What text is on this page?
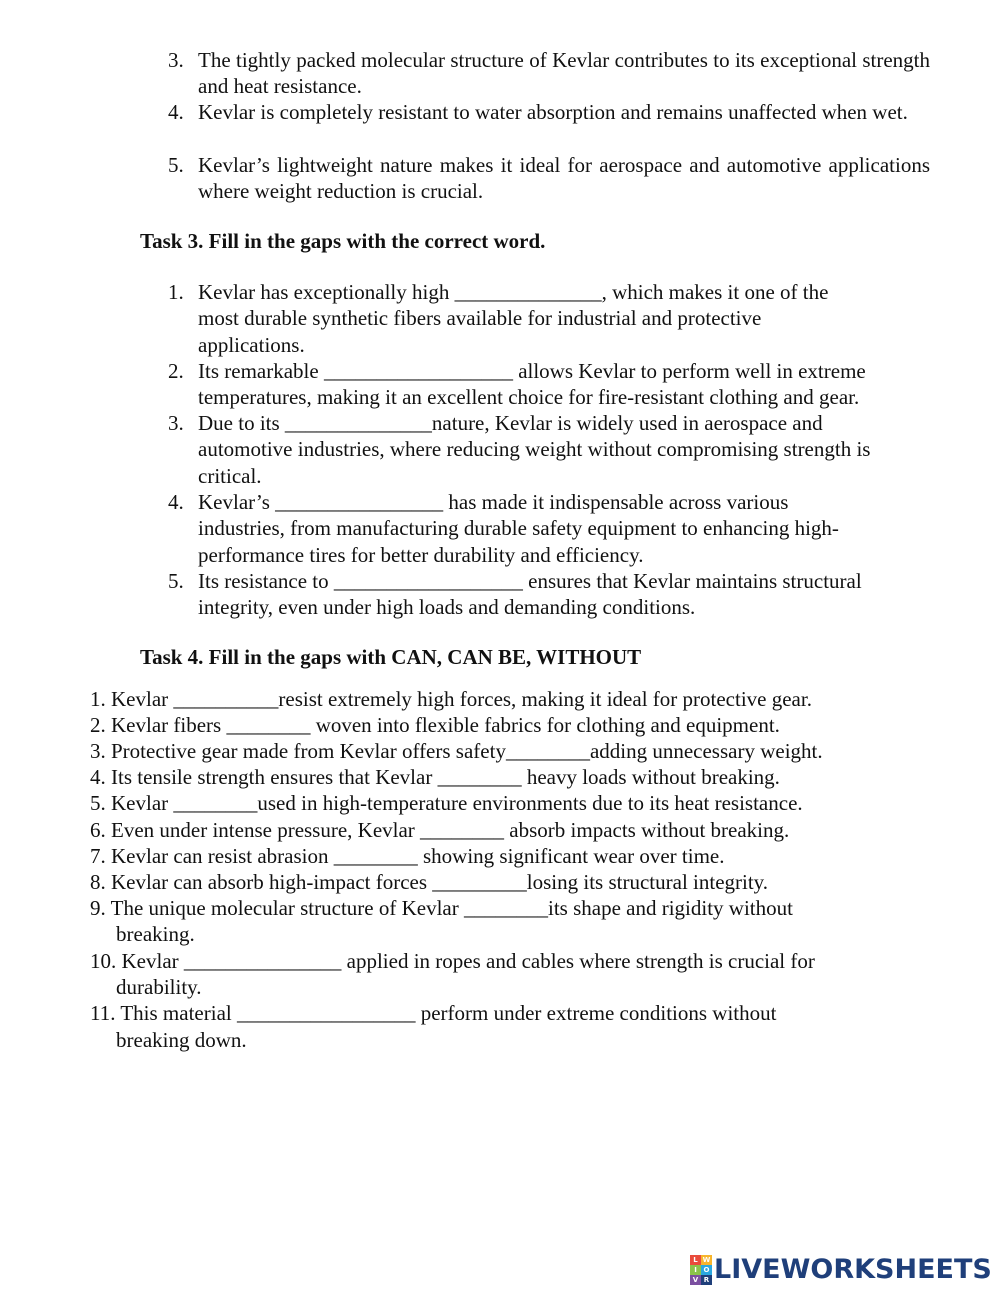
3. The tightly packed molecular structure of Kevlar contributes to its exceptional strength and heat resistance.
4. Kevlar is completely resistant to water absorption and remains unaffected when wet.
5. Kevlar’s lightweight nature makes it ideal for aerospace and automotive applications where weight reduction is crucial.
Task 3. Fill in the gaps with the correct word.
1. Kevlar has exceptionally high ______________, which makes it one of the
most durable synthetic fibers available for industrial and protective
applications.
2. Its remarkable __________________ allows Kevlar to perform well in extreme
temperatures, making it an excellent choice for fire-resistant clothing and gear.
3. Due to its ______________nature, Kevlar is widely used in aerospace and
automotive industries, where reducing weight without compromising strength is
critical.
4. Kevlar’s ________________ has made it indispensable across various
industries, from manufacturing durable safety equipment to enhancing high-
performance tires for better durability and efficiency.
5. Its resistance to __________________ ensures that Kevlar maintains structural
integrity, even under high loads and demanding conditions.
Task 4. Fill in the gaps with CAN, CAN BE, WITHOUT
1. Kevlar __________resist extremely high forces, making it ideal for protective gear.
2. Kevlar fibers ________ woven into flexible fabrics for clothing and equipment.
3. Protective gear made from Kevlar offers safety________adding unnecessary weight.
4. Its tensile strength ensures that Kevlar ________ heavy loads without breaking.
5. Kevlar ________used in high-temperature environments due to its heat resistance.
6. Even under intense pressure, Kevlar ________ absorb impacts without breaking.
7. Kevlar can resist abrasion ________ showing significant wear over time.
8. Kevlar can absorb high-impact forces _________losing its structural integrity.
9. The unique molecular structure of Kevlar ________its shape and rigidity without
breaking.
10. Kevlar _______________ applied in ropes and cables where strength is crucial for
durability.
11. This material _________________ perform under extreme conditions without
breaking down.
L W
I O
V R LIVEWORKSHEETS
